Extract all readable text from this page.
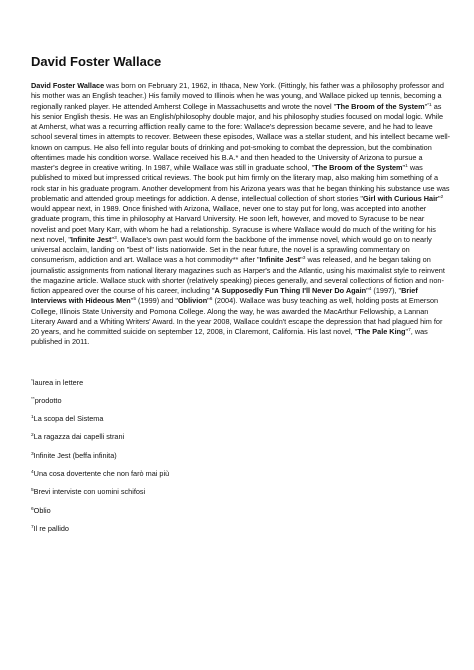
David Foster Wallace

David Foster Wallace was born on February 21, 1962, in Ithaca, New York. (Fittingly, his father was a philosophy professor and his mother was an English teacher.) His family moved to Illinois when he was young, and Wallace picked up tennis, becoming a regionally ranked player. He attended Amherst College in Massachusetts and wrote the novel "The Broom of the System"$^{*1}$ as his senior English thesis. He was an English/philosophy double major, and his philosophy studies focused on modal logic. While at Amherst, what was a recurring affliction really came to the fore: Wallace's depression became severe, and he had to leave school several times in attempts to recover. Between these episodes, Wallace was a stellar student, and his intellect became well-known on campus. He also fell into regular bouts of drinking and pot-smoking to combat the depression, but the combination oftentimes made his condition worse. Wallace received his B.A.* and then headed to the University of Arizona to pursue a master's degree in creative writing. In 1987, while Wallace was still in graduate school, "The Broom of the System"$^1$ was published to mixed but impressed critical reviews. The book put him firmly on the literary map, also making him something of a rock star in his graduate program. Another development from his Arizona years was that he began thinking his substance use was problematic and attended group meetings for addiction. A dense, intellectual collection of short stories "Girl with Curious Hair"$^2$ would appear next, in 1989. Once finished with Arizona, Wallace, never one to stay put for long, was accepted into another graduate program, this time in philosophy at Harvard University. He soon left, however, and moved to Syracuse to be near novelist and poet Mary Karr, with whom he had a relationship. Syracuse is where Wallace would do much of the writing for his next novel, "Infinite Jest"$^3$. Wallace's own past would form the backbone of the immense novel, which would go on to nearly universal acclaim, landing on "best of" lists nationwide. Set in the near future, the novel is a sprawling commentary on consumerism, addiction and art. Wallace was a hot commodity** after "Infinite Jest"$^3$ was released, and he began taking on journalistic assignments from national literary magazines such as Harper's and the Atlantic, using his maximalist style to reinvent the magazine article. Wallace stuck with shorter (relatively speaking) pieces generally, and several collections of fiction and non-fiction appeared over the course of his career, including "A Supposedly Fun Thing I'll Never Do Again"$^4$ (1997), "Brief Interviews with Hideous Men"$^5$ (1999) and "Oblivion"$^6$ (2004). Wallace was busy teaching as well, holding posts at Emerson College, Illinois State University and Pomona College. Along the way, he was awarded the MacArthur Fellowship, a Lannan Literary Award and a Whiting Writers' Award. In the year 2008, Wallace couldn't escape the depression that had plagued him for 20 years, and he committed suicide on september 12, 2008, in Claremont, California. His last novel, "The Pale King"$^7$, was published in 2011.

*laurea in lettere
**prodotto
$^1$La scopa del Sistema
$^2$La ragazza dai capelli strani
$^3$Infinite Jest (beffa infinita)
$^4$Una cosa dovertente che non farò mai più
$^5$Brevi interviste con uomini schifosi
$^6$Oblio
$^7$Il re pallido
